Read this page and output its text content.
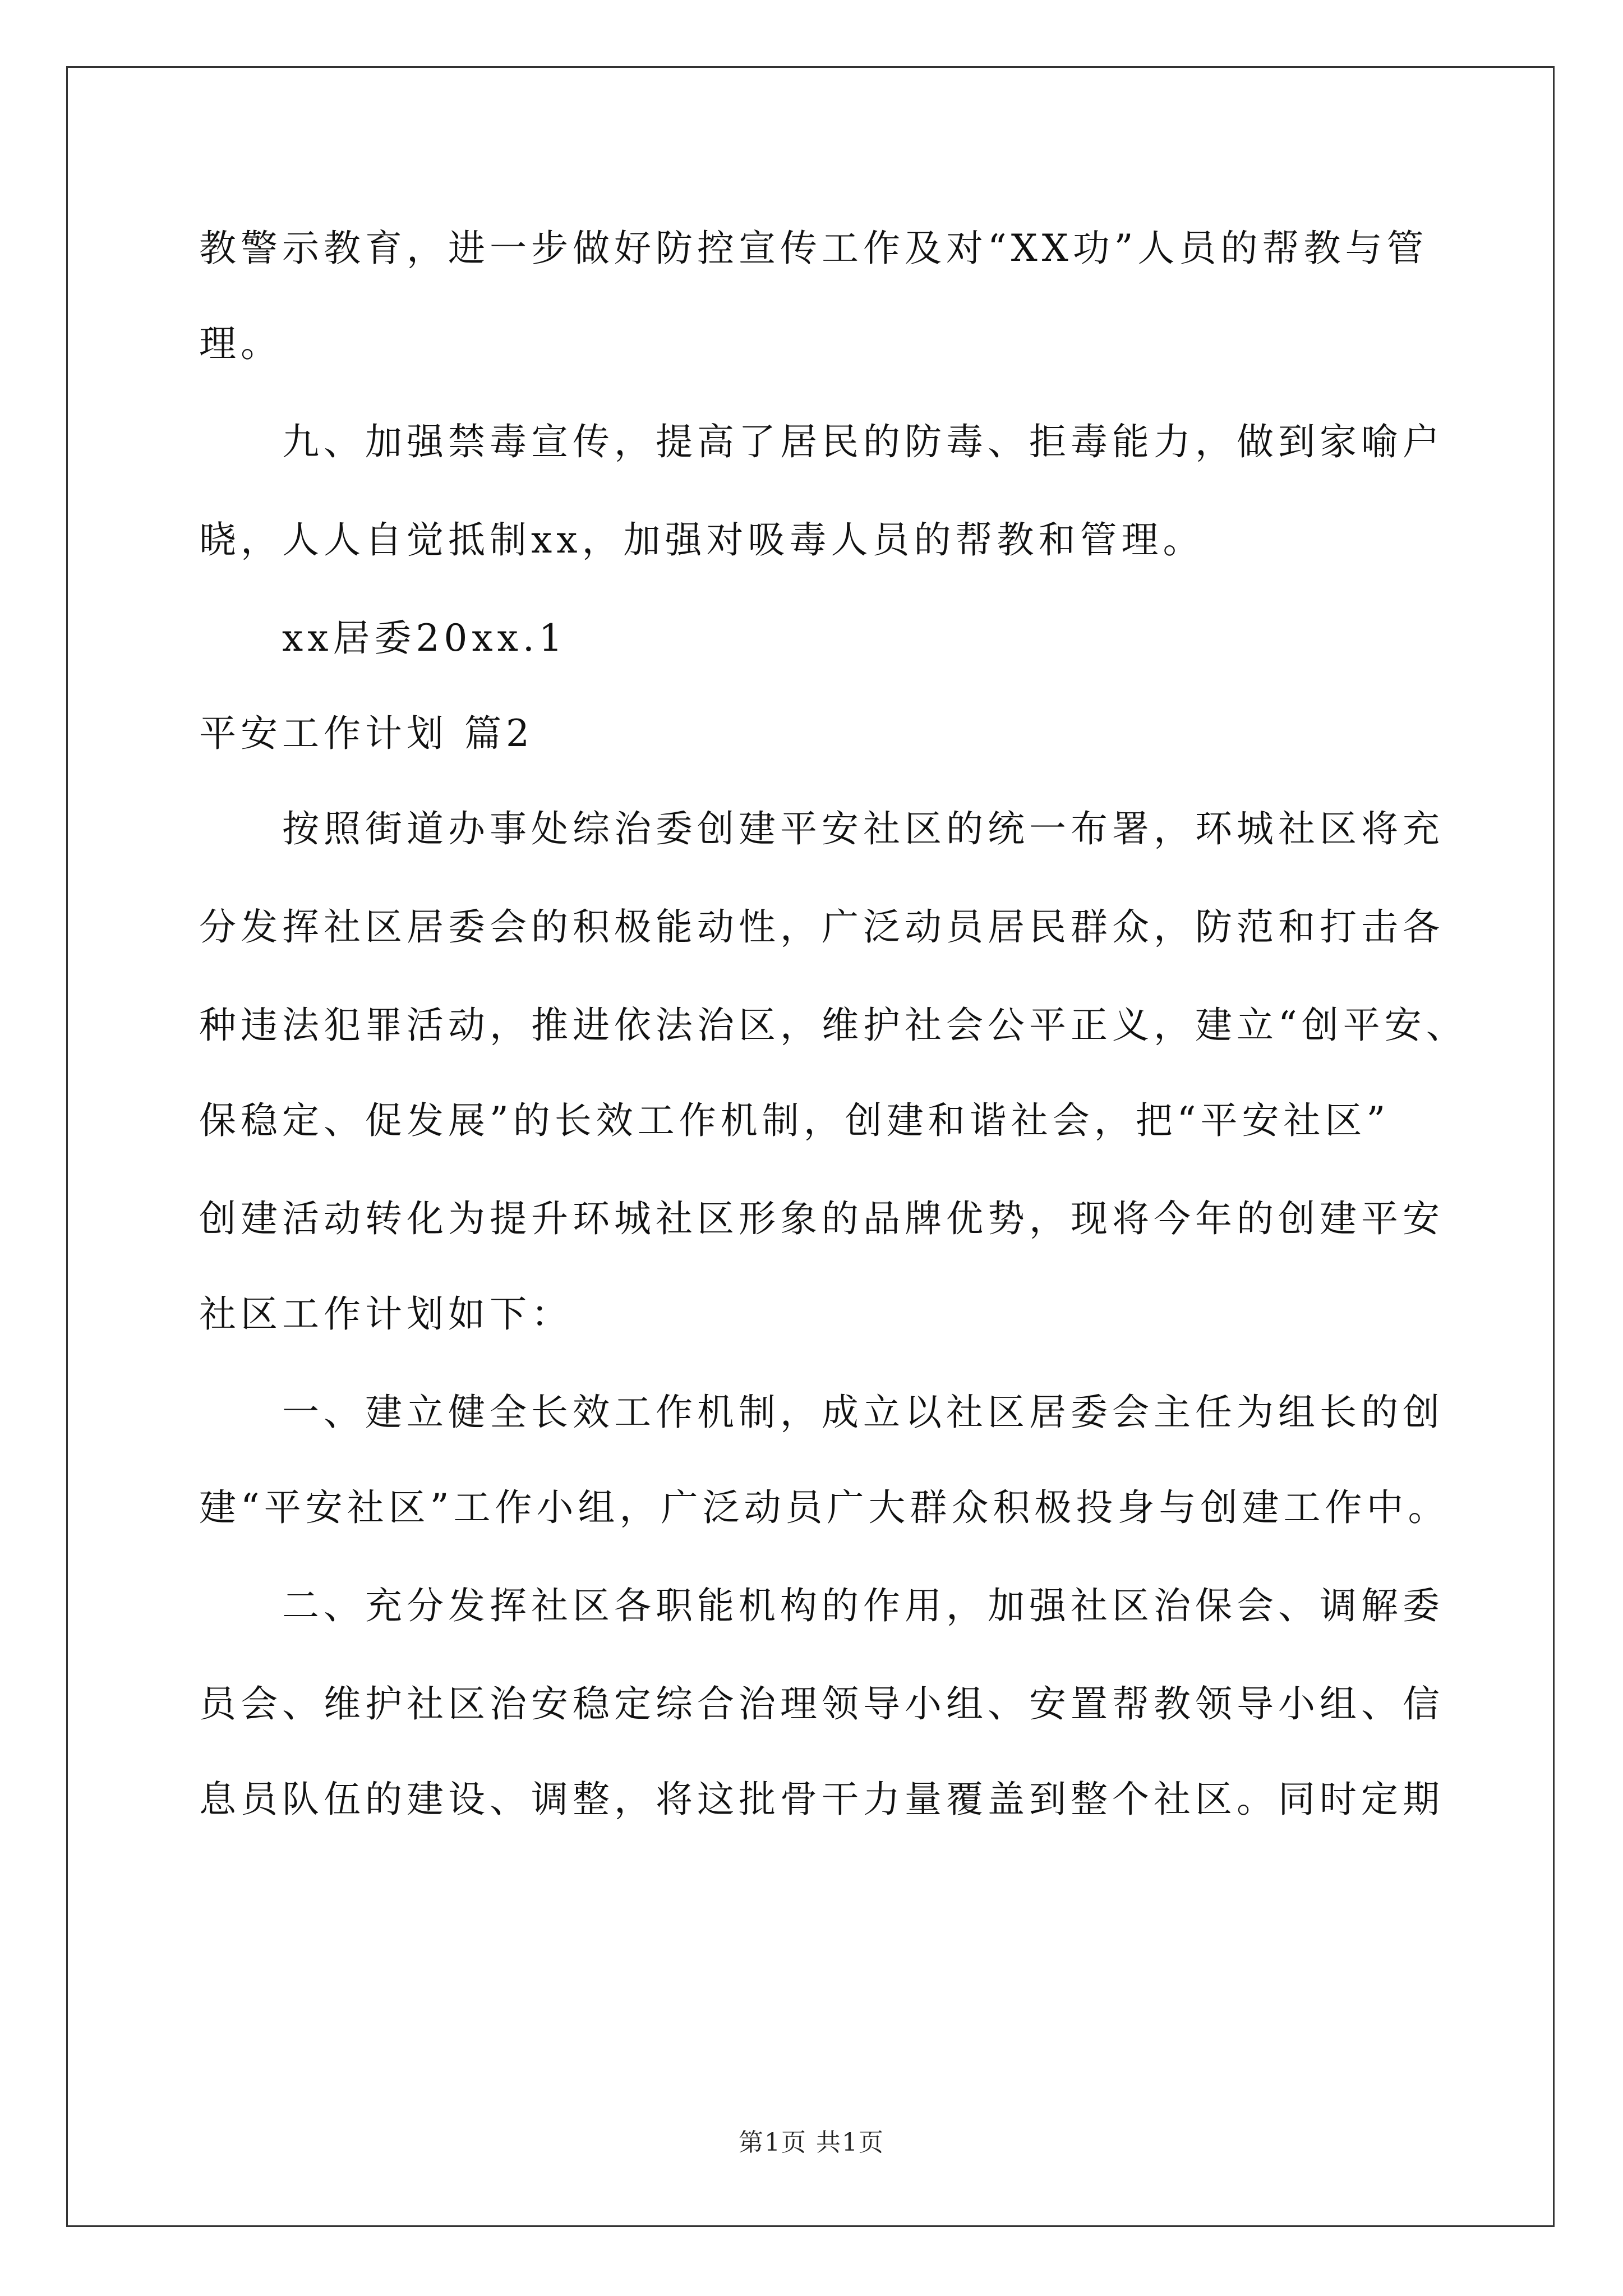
教警示教育，进一步做好防控宣传工作及对“XX功”人员的帮教与管
理。
九、加强禁毒宣传，提高了居民的防毒、拒毒能力，做到家喻户
晓，人人自觉抵制xx，加强对吸毒人员的帮教和管理。
xx居委20xx.1
平安工作计划 篇2
按照街道办事处综治委创建平安社区的统一布署，环城社区将充
分发挥社区居委会的积极能动性，广泛动员居民群众，防范和打击各
种违法犯罪活动，推进依法治区，维护社会公平正义，建立“创平安、
保稳定、促发展”的长效工作机制，创建和谐社会，把“平安社区”
创建活动转化为提升环城社区形象的品牌优势，现将今年的创建平安
社区工作计划如下：
一、建立健全长效工作机制，成立以社区居委会主任为组长的创
建“平安社区”工作小组，广泛动员广大群众积极投身与创建工作中。
二、充分发挥社区各职能机构的作用，加强社区治保会、调解委
员会、维护社区治安稳定综合治理领导小组、安置帮教领导小组、信
息员队伍的建设、调整，将这批骨干力量覆盖到整个社区。同时定期
第1页 共1页
